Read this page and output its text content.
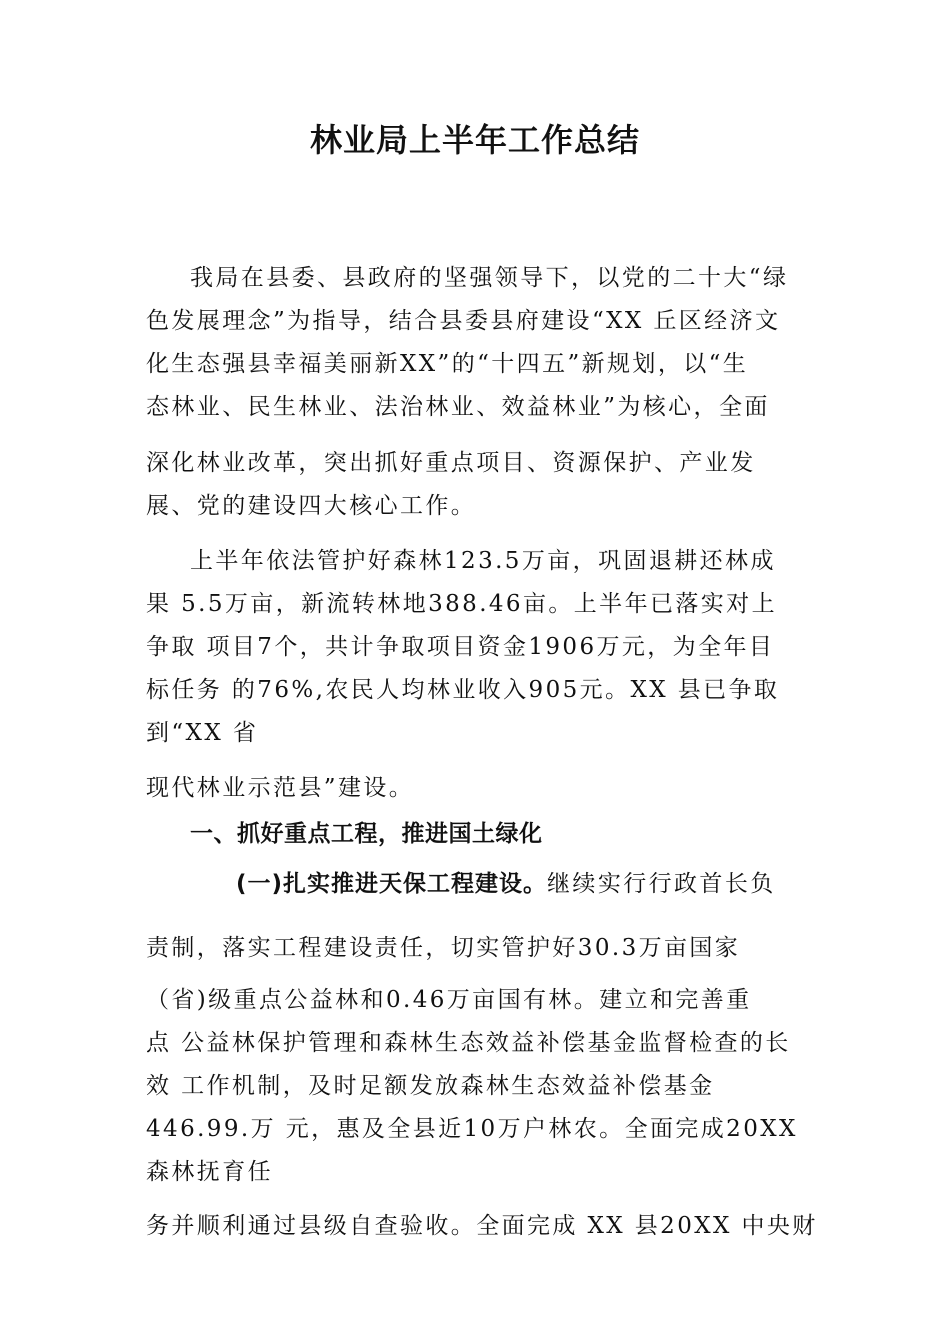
林业局上半年工作总结

我局在县委、县政府的坚强领导下，以党的二十大“绿

色发展理念”为指导，结合县委县府建设“XX 丘区经济文

化生态强县幸福美丽新XX”的“十四五”新规划，以“生

态林业、民生林业、法治林业、效益林业”为核心，全面

深化林业改革，突出抓好重点项目、资源保护、产业发

展、党的建设四大核心工作。

上半年依法管护好森林123.5万亩，巩固退耕还林成

果 5.5万亩，新流转林地388.46亩。上半年已落实对上

争取 项目7个，共计争取项目资金1906万元，为全年目

标任务 的76%,农民人均林业收入905元。XX 县已争取

到“XX 省

现代林业示范县”建设。

一、抓好重点工程，推进国土绿化

(一)扎实推进天保工程建设。继续实行行政首长负

责制，落实工程建设责任，切实管护好30.3万亩国家

（省)级重点公益林和0.46万亩国有林。建立和完善重

点 公益林保护管理和森林生态效益补偿基金监督检查的长

效 工作机制，及时足额发放森林生态效益补偿基金

446.99.万 元，惠及全县近10万户林农。全面完成20XX

森林抚育任

务并顺利通过县级自查验收。全面完成 XX 县20XX 中央财
